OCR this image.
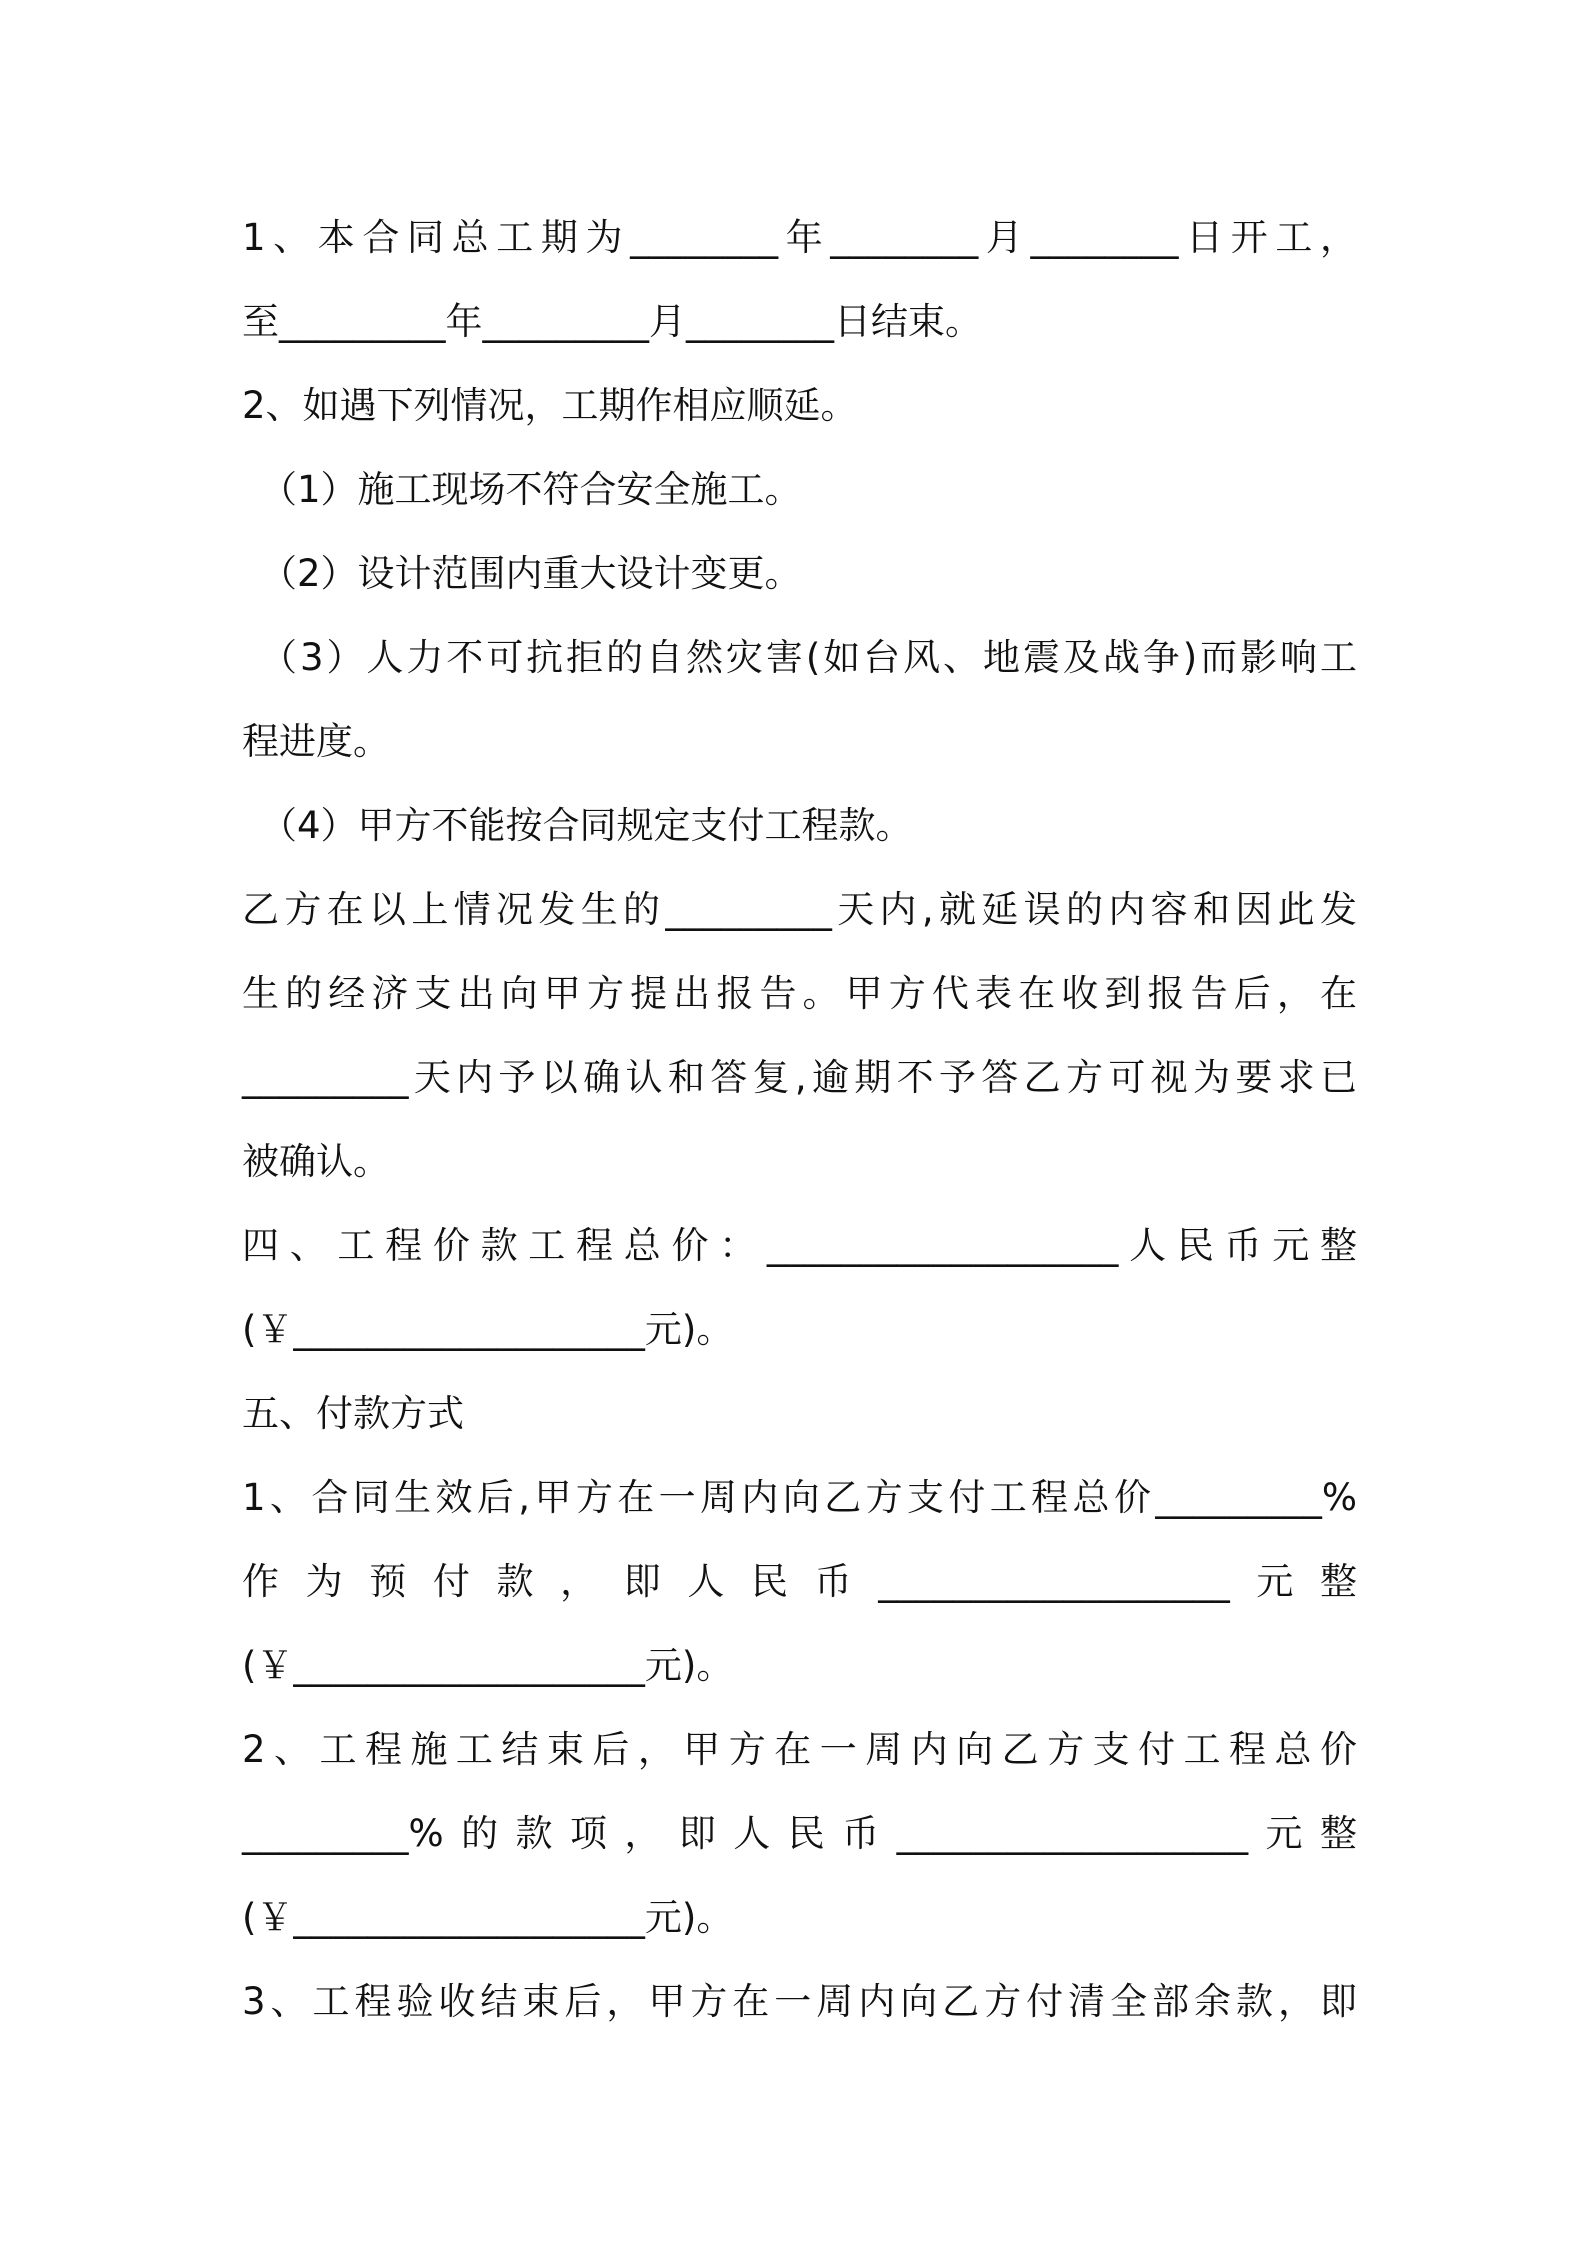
1、本合同总工期为________年________月________日开工，
至_________年_________月________日结束。
2、如遇下列情况，工期作相应顺延。
（1）施工现场不符合安全施工。
（2）设计范围内重大设计变更。
（3）人力不可抗拒的自然灾害(如台风、地震及战争)而影响工
程进度。
（4）甲方不能按合同规定支付工程款。
乙方在以上情况发生的_________天内,就延误的内容和因此发
生的经济支出向甲方提出报告。甲方代表在收到报告后，在
_________天内予以确认和答复,逾期不予答乙方可视为要求已
被确认。
四、工程价款工程总价：___________________人民币元整
(￥___________________元)。
五、付款方式
1、合同生效后,甲方在一周内向乙方支付工程总价_________%
作为预付款，即人民币___________________元整
(￥___________________元)。
2、工程施工结束后，甲方在一周内向乙方支付工程总价
_________%的款项，即人民币___________________元整
(￥___________________元)。
3、工程验收结束后，甲方在一周内向乙方付清全部余款，即
